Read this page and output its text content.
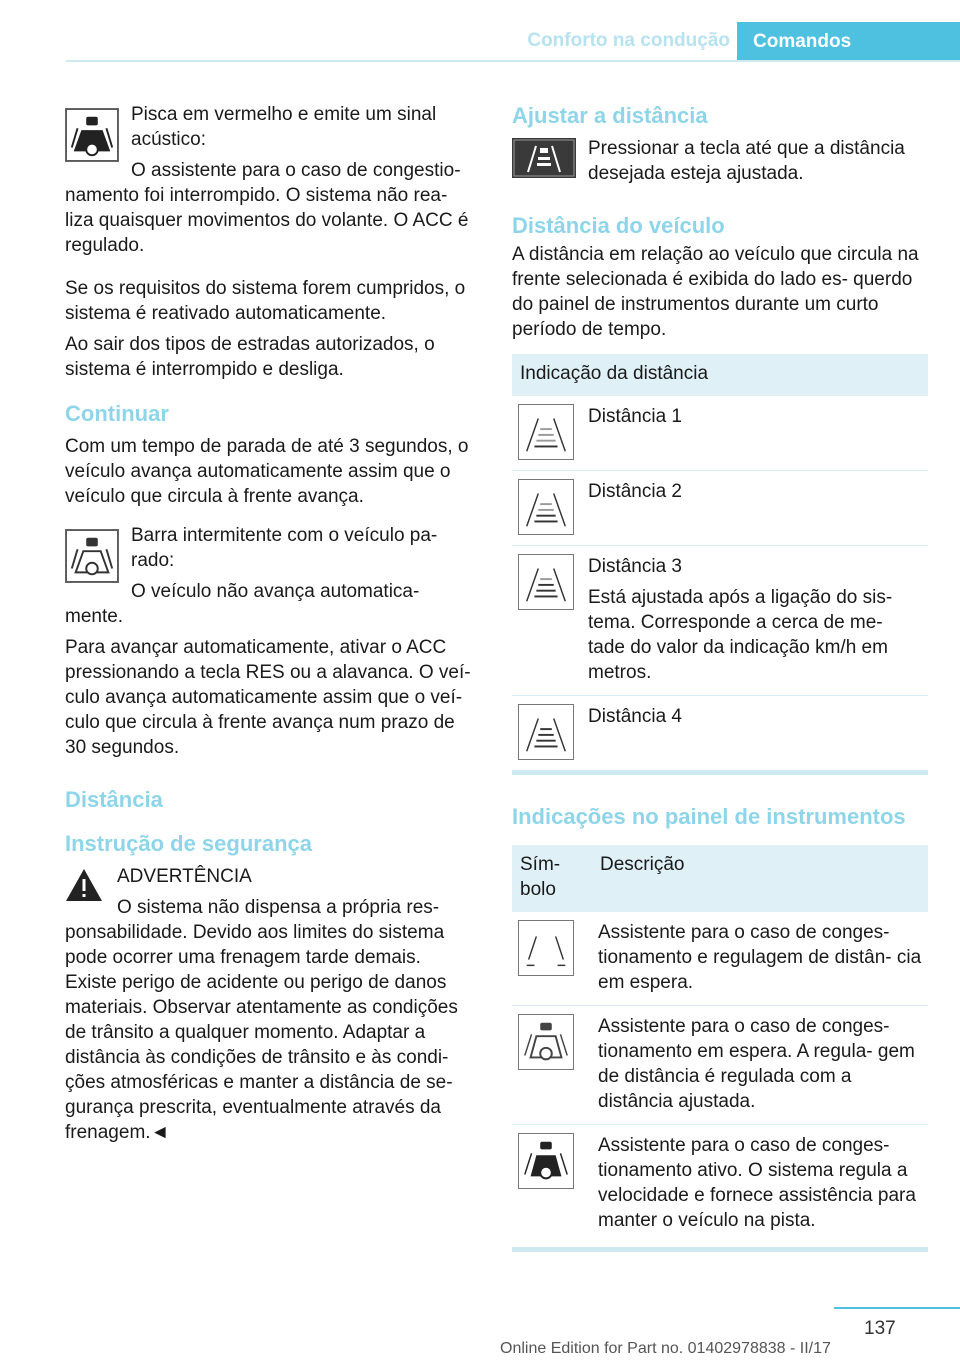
Conforto na condução	Comandos

Pisca em vermelho e emite um sinal acústico:

O assistente para o caso de congestio-

namento foi interrompido. O sistema não rea- liza quaisquer movimentos do volante. O ACC é regulado.

Se os requisitos do sistema forem cumpridos, o sistema é reativado automaticamente.

Ao sair dos tipos de estradas autorizados, o sistema é interrompido e desliga.

Continuar

Com um tempo de parada de até 3 segundos, o veículo avança automaticamente assim que o veículo que circula à frente avança.

Barra intermitente com o veículo pa- rado:

O veículo não avança automatica-

mente.

Para avançar automaticamente, ativar o ACC pressionando a tecla RES ou a alavanca. O veí- culo avança automaticamente assim que o veí- culo que circula à frente avança num prazo de 30 segundos.

Distância
Instrução de segurança

ADVERTÊNCIA

O sistema não dispensa a própria res-

ponsabilidade. Devido aos limites do sistema pode ocorrer uma frenagem tarde demais. Existe perigo de acidente ou perigo de danos materiais. Observar atentamente as condições de trânsito a qualquer momento. Adaptar a distância às condições de trânsito e às condi- ções atmosféricas e manter a distância de se- gurança prescrita, eventualmente através da frenagem.◄

Ajustar a distância

Pressionar a tecla até que a distância desejada esteja ajustada.

Distância do veículo

A distância em relação ao veículo que circula na frente selecionada é exibida do lado es- querdo do painel de instrumentos durante um curto período de tempo.

Indicação da distância	

	Distância 1

	Distância 2

Distância 3
Está ajustada após a ligação do sis- tema. Corresponde a cerca de me- tade do valor da indicação km/h em metros.

	Distância 4
Indicações no painel de instrumentos
Sím- bolo	Descrição

	Assistente para o caso de conges- tionamento e regulagem de distân- cia em espera.

	Assistente para o caso de conges- tionamento em espera. A regula- gem de distância é regulada com a distância ajustada.

	Assistente para o caso de conges- tionamento ativo. O sistema regula a velocidade e fornece assistência para manter o veículo na pista.
137
Online Edition for Part no. 01402978838 - II/17
